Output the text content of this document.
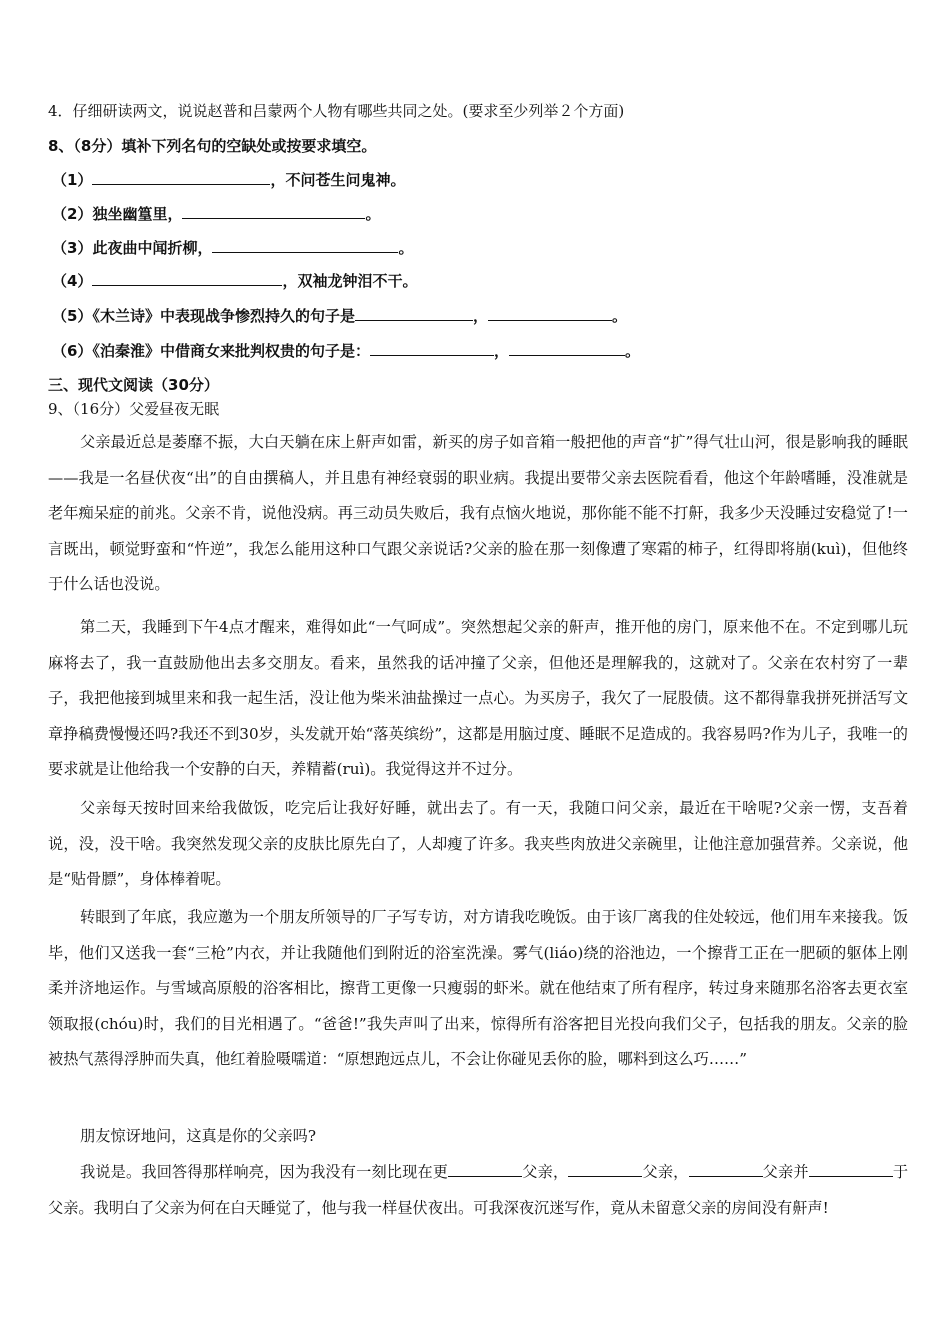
4．仔细研读两文，说说赵普和吕蒙两个人物有哪些共同之处。(要求至少列举２个方面)
8、（8分）填补下列名句的空缺处或按要求填空。
（1）	，不问苍生问鬼神。
（2）独坐幽篁里，	。
（3）此夜曲中闻折柳，	。
（4）	，双袖龙钟泪不干。
（5）《木兰诗》中表现战争惨烈持久的句子是	，	。
（6）《泊秦淮》中借商女来批判权贵的句子是：	，	。
三、现代文阅读（30分）
9、（16分）父爱昼夜无眠
父亲最近总是萎靡不振，大白天躺在床上鼾声如雷，新买的房子如音箱一般把他的声音“扩”得气壮山河，很是影响我的睡眠——我是一名昼伏夜“出”的自由撰稿人，并且患有神经衰弱的职业病。我提出要带父亲去医院看看，他这个年龄嗜睡，没准就是老年痴呆症的前兆。父亲不肯，说他没病。再三动员失败后，我有点恼火地说，那你能不能不打鼾，我多少天没睡过安稳觉了!一言既出，顿觉野蛮和“忤逆”，我怎么能用这种口气跟父亲说话?父亲的脸在那一刻像遭了寒霜的柿子，红得即将崩(kuì)，但他终于什么话也没说。
第二天，我睡到下午4点才醒来，难得如此“一气呵成”。突然想起父亲的鼾声，推开他的房门，原来他不在。不定到哪儿玩麻将去了，我一直鼓励他出去多交朋友。看来，虽然我的话冲撞了父亲，但他还是理解我的，这就对了。父亲在农村穷了一辈子，我把他接到城里来和我一起生活，没让他为柴米油盐操过一点心。为买房子，我欠了一屁股债。这不都得靠我拼死拼活写文章挣稿费慢慢还吗?我还不到30岁，头发就开始“落英缤纷”，这都是用脑过度、睡眠不足造成的。我容易吗?作为儿子，我唯一的要求就是让他给我一个安静的白天，养精蓄(ruì)。我觉得这并不过分。
父亲每天按时回来给我做饭，吃完后让我好好睡，就出去了。有一天，我随口问父亲，最近在干啥呢?父亲一愣，支吾着说，没，没干啥。我突然发现父亲的皮肤比原先白了，人却瘦了许多。我夹些肉放进父亲碗里，让他注意加强营养。父亲说，他是“贴骨膘”，身体棒着呢。
转眼到了年底，我应邀为一个朋友所领导的厂子写专访，对方请我吃晚饭。由于该厂离我的住处较远，他们用车来接我。饭毕，他们又送我一套“三枪”内衣，并让我随他们到附近的浴室洗澡。雾气(liáo)绕的浴池边，一个擦背工正在一肥硕的躯体上刚柔并济地运作。与雪域高原般的浴客相比，擦背工更像一只瘦弱的虾米。就在他结束了所有程序，转过身来随那名浴客去更衣室领取报(chóu)时，我们的目光相遇了。“爸爸!”我失声叫了出来，惊得所有浴客把目光投向我们父子，包括我的朋友。父亲的脸被热气蒸得浮肿而失真，他红着脸嗫嚅道：“原想跑远点儿，不会让你碰见丢你的脸，哪料到这么巧……”
朋友惊讶地问，这真是你的父亲吗?
我说是。我回答得那样响亮，因为我没有一刻比现在更	父亲，	父亲，	父亲并	于父亲。我明白了父亲为何在白天睡觉了，他与我一样昼伏夜出。可我深夜沉迷写作，竟从未留意父亲的房间没有鼾声!
